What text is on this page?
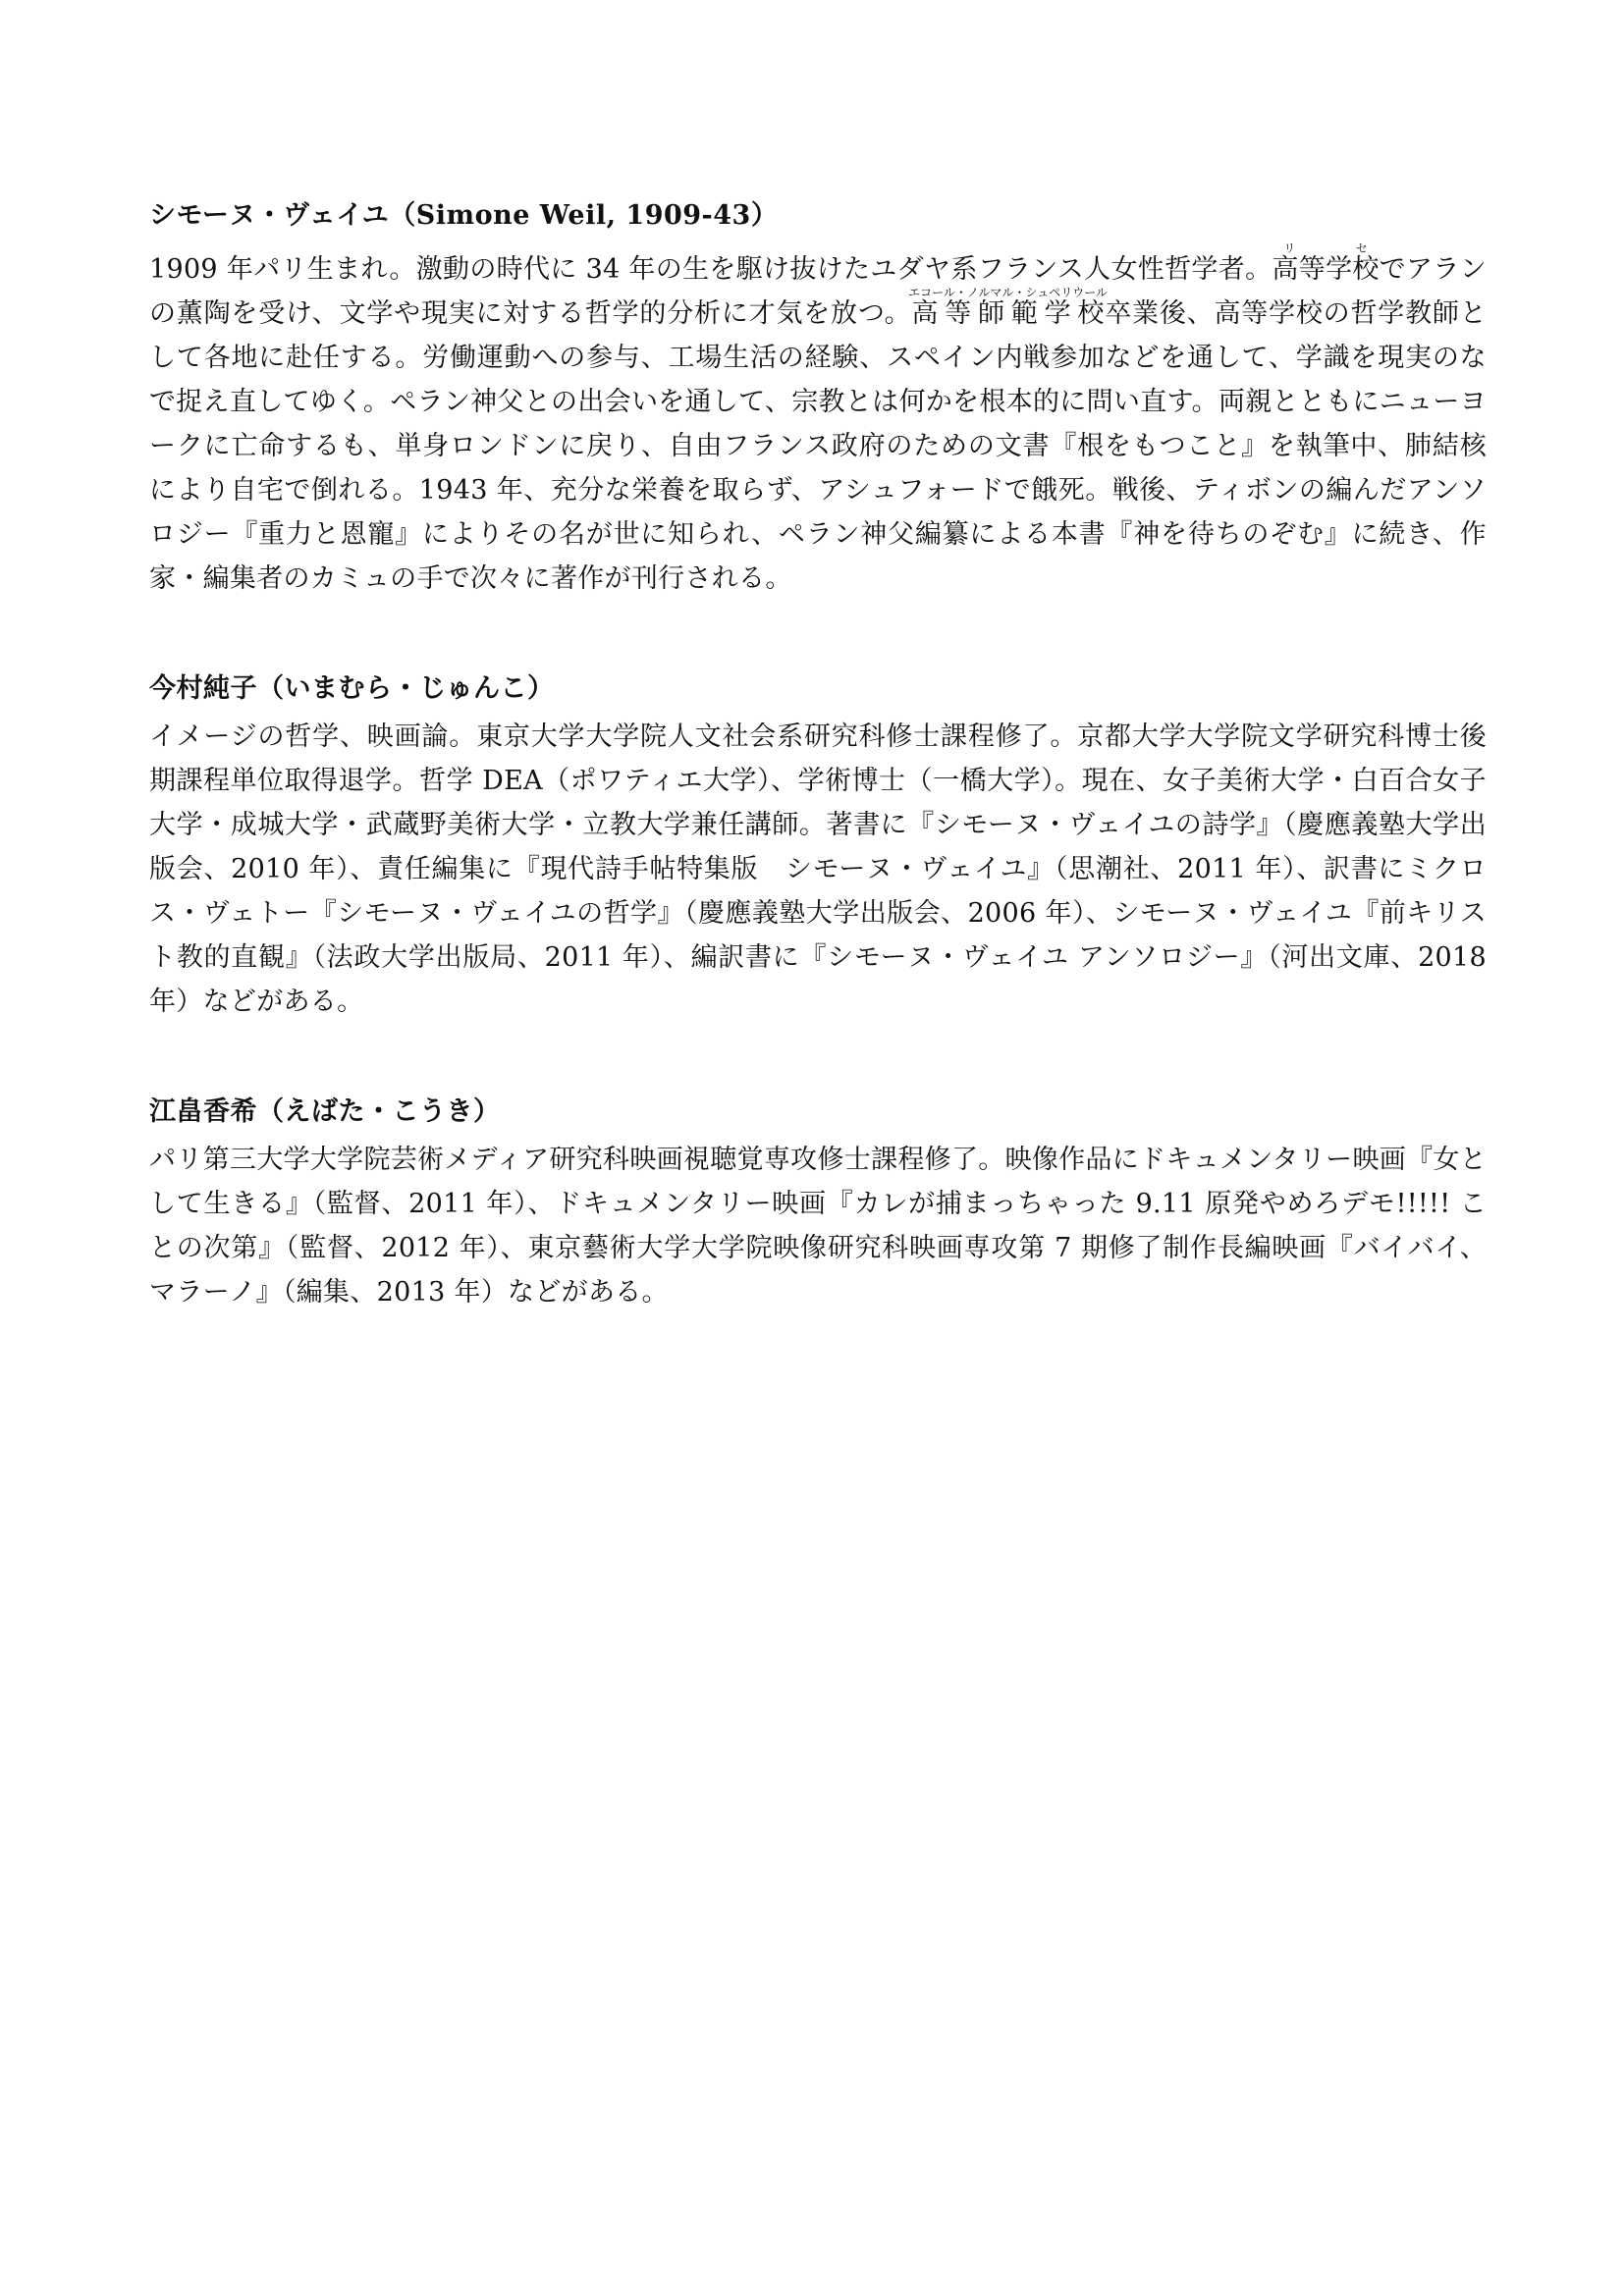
シモーヌ・ヴェイユ（Simone Weil, 1909-43）

1909 年パリ生まれ。激動の時代に 34 年の生を駆け抜けたユダヤ系フランス人女性哲学者。高等学校リセでアランの薫陶を受け、文学や現実に対する哲学的分析に才気を放つ。高等師範学校エコール・ノルマル・シュペリウール卒業後、高等学校の哲学教師として各地に赴任する。労働運動への参与、工場生活の経験、スペイン内戦参加などを通して、学識を現実のなで捉え直してゆく。ペラン神父との出会いを通して、宗教とは何かを根本的に問い直す。両親とともにニューヨークに亡命するも、単身ロンドンに戻り、自由フランス政府のための文書『根をもつこと』を執筆中、肺結核により自宅で倒れる。1943 年、充分な栄養を取らず、アシュフォードで餓死。戦後、ティボンの編んだアンソロジー『重力と恩寵』によりその名が世に知られ、ペラン神父編纂による本書『神を待ちのぞむ』に続き、作家・編集者のカミュの手で次々に著作が刊行される。

今村純子（いまむら・じゅんこ）

イメージの哲学、映画論。東京大学大学院人文社会系研究科修士課程修了。京都大学大学院文学研究科博士後期課程単位取得退学。哲学 DEA（ポワティエ大学）、学術博士（一橋大学）。現在、女子美術大学・白百合女子大学・成城大学・武蔵野美術大学・立教大学兼任講師。著書に『シモーヌ・ヴェイユの詩学』（慶應義塾大学出版会、2010 年）、責任編集に『現代詩手帖特集版　シモーヌ・ヴェイユ』（思潮社、2011 年）、訳書にミクロス・ヴェトー『シモーヌ・ヴェイユの哲学』（慶應義塾大学出版会、2006 年）、シモーヌ・ヴェイユ『前キリスト教的直観』（法政大学出版局、2011 年）、編訳書に『シモーヌ・ヴェイユ アンソロジー』（河出文庫、2018 年）などがある。

江畠香希（えばた・こうき）

パリ第三大学大学院芸術メディア研究科映画視聴覚専攻修士課程修了。映像作品にドキュメンタリー映画『女として生きる』（監督、2011 年）、ドキュメンタリー映画『カレが捕まっちゃった 9.11 原発やめろデモ!!!!! ことの次第』（監督、2012 年）、東京藝術大学大学院映像研究科映画専攻第 7 期修了制作長編映画『バイバイ、マラーノ』（編集、2013 年）などがある。
